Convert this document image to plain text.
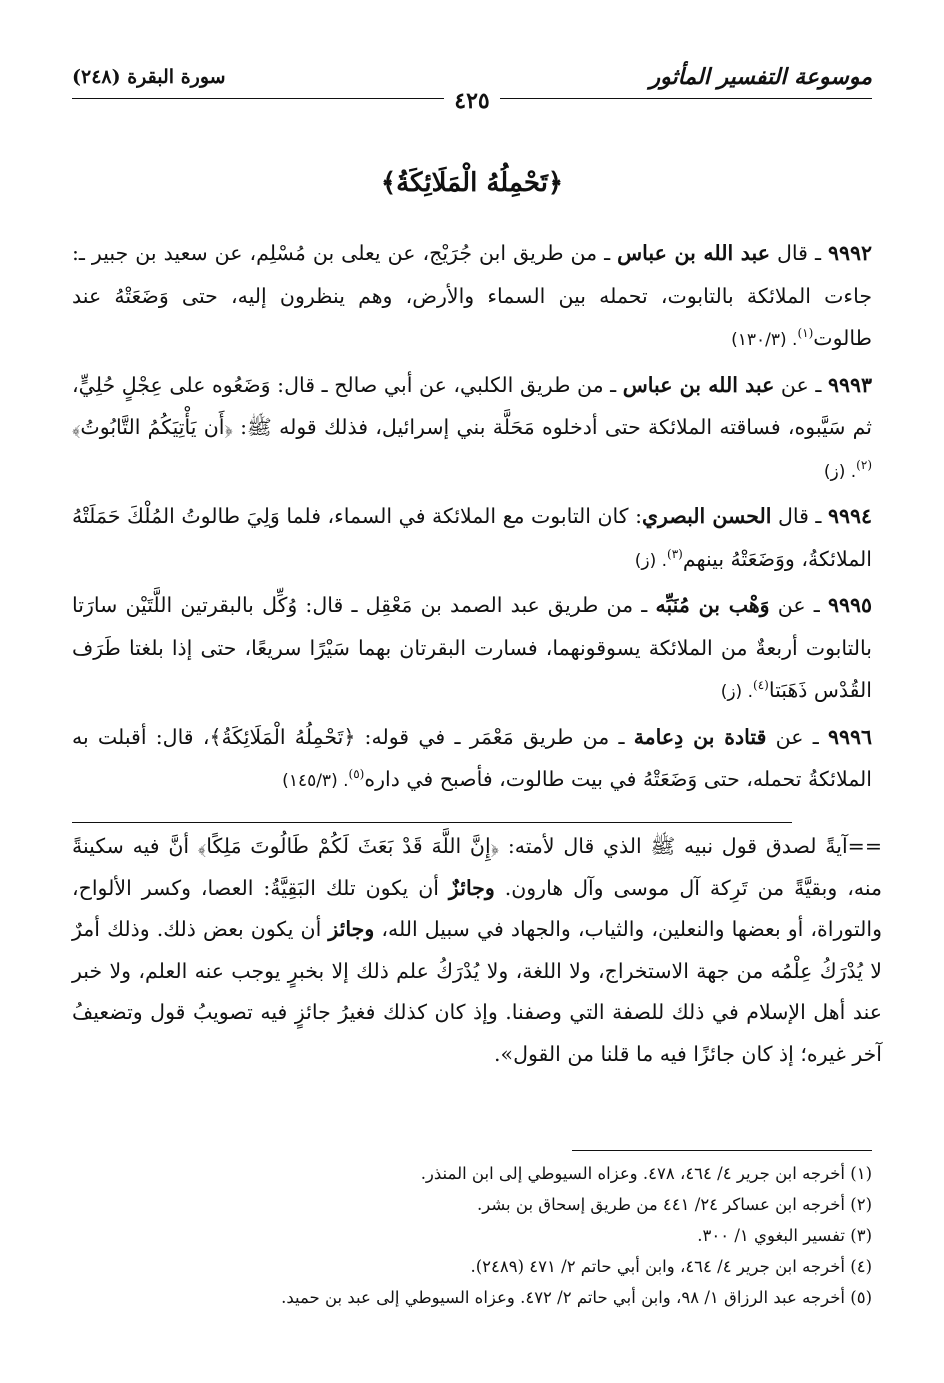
موسوعة التفسير المأثور
سورة البقرة (٢٤٨)
٤٢٥
﴿تَحْمِلُهُ الْمَلَائِكَةُ﴾

٩٩٩٢ ـ قال عبد الله بن عباس ـ من طريق ابن جُرَيْج، عن يعلى بن مُسْلِم، عن سعيد بن جبير ـ: جاءت الملائكة بالتابوت، تحمله بين السماء والأرض، وهم ينظرون إليه، حتى وَضَعَتْهُ عند طالوت$^{(١)}$. (١٣٠/٣)

٩٩٩٣ ـ عن عبد الله بن عباس ـ من طريق الكلبي، عن أبي صالح ـ قال: وَضَعُوه على عِجْلٍ حُلِيٍّ، ثم سَيَّبوه، فساقته الملائكة حتى أدخلوه مَحَلَّة بني إسرائيل، فذلك قوله ﷺ: ﴿أَن يَأْتِيَكُمُ التَّابُوتُ﴾$^{(٢)}$. (ز)

٩٩٩٤ ـ قال الحسن البصري: كان التابوت مع الملائكة في السماء، فلما وَلِيَ طالوتُ المُلْكَ حَمَلَتْهُ الملائكةُ، ووَضَعَتْهُ بينهم$^{(٣)}$. (ز)

٩٩٩٥ ـ عن وَهْب بن مُنَبِّه ـ من طريق عبد الصمد بن مَعْقِل ـ قال: وُكِّل بالبقرتين اللَّتَيْن سارَتا بالتابوت أربعةٌ من الملائكة يسوقونهما، فسارت البقرتان بهما سَيْرًا سريعًا، حتى إذا بلغتا طَرَف القُدْس ذَهَبَتا$^{(٤)}$. (ز)

٩٩٩٦ ـ عن قتادة بن دِعامة ـ من طريق مَعْمَر ـ في قوله: ﴿تَحْمِلُهُ الْمَلَائِكَةُ﴾، قال: أقبلت به الملائكةُ تحمله، حتى وَضَعَتْهُ في بيت طالوت، فأصبح في داره$^{(٥)}$. (١٤٥/٣)

==آيةً لصدق قول نبيه ﷺ الذي قال لأمته: ﴿إِنَّ اللَّهَ قَدْ بَعَثَ لَكُمْ طَالُوتَ مَلِكًا﴾ أنَّ فيه سكينةً منه، وبقيَّةً من تَرِكة آل موسى وآل هارون. وجائزٌ أن يكون تلك البَقِيَّةُ: العصا، وكسر الألواح، والتوراة، أو بعضها والنعلين، والثياب، والجهاد في سبيل الله، وجائز أن يكون بعض ذلك. وذلك أمرٌ لا يُدْرَكُ عِلْمُه من جهة الاستخراج، ولا اللغة، ولا يُدْرَكُ علم ذلك إلا بخبرٍ يوجب عنه العلم، ولا خبر عند أهل الإسلام في ذلك للصفة التي وصفنا. وإذ كان كذلك فغيرُ جائزٍ فيه تصويبُ قول وتضعيفُ آخر غيره؛ إذ كان جائزًا فيه ما قلنا من القول».
(١) أخرجه ابن جرير ٤/ ٤٦٤، ٤٧٨. وعزاه السيوطي إلى ابن المنذر.
(٢) أخرجه ابن عساكر ٢٤/ ٤٤١ من طريق إسحاق بن بشر.
(٣) تفسير البغوي ١/ ٣٠٠.
(٤) أخرجه ابن جرير ٤/ ٤٦٤، وابن أبي حاتم ٢/ ٤٧١ (٢٤٨٩).
(٥) أخرجه عبد الرزاق ١/ ٩٨، وابن أبي حاتم ٢/ ٤٧٢. وعزاه السيوطي إلى عبد بن حميد.
